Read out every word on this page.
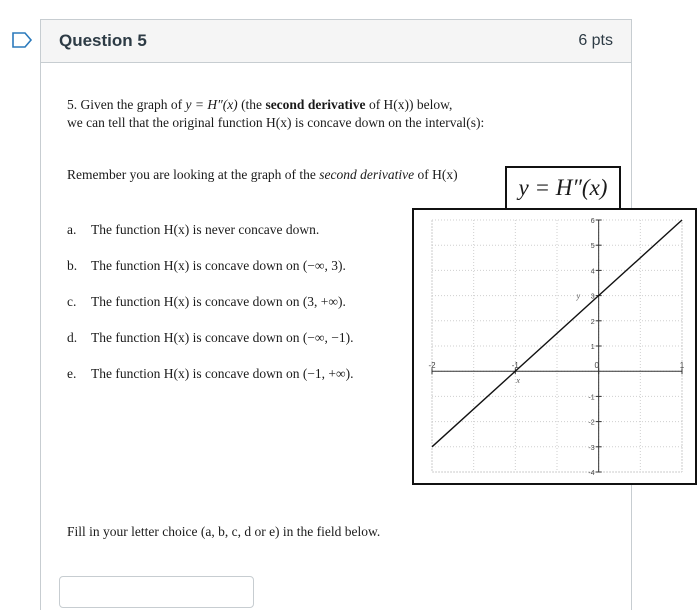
Question 5	6 pts
5. Given the graph of y = H″(x) (the second derivative of H(x)) below,
we can tell that the original function H(x) is concave down on the interval(s):
Remember you are looking at the graph of the second derivative of H(x)
a. The function H(x) is never concave down.
b. The function H(x) is concave down on (−∞, 3).
c. The function H(x) is concave down on (3, +∞).
d. The function H(x) is concave down on (−∞, −1).
e. The function H(x) is concave down on (−1, +∞).
-2	-1	0	1
6
5
4
3
2
1
-1
-2
-3
-4
x
y
y = H″(x)
Fill in your letter choice (a, b, c, d or e) in the field below.
